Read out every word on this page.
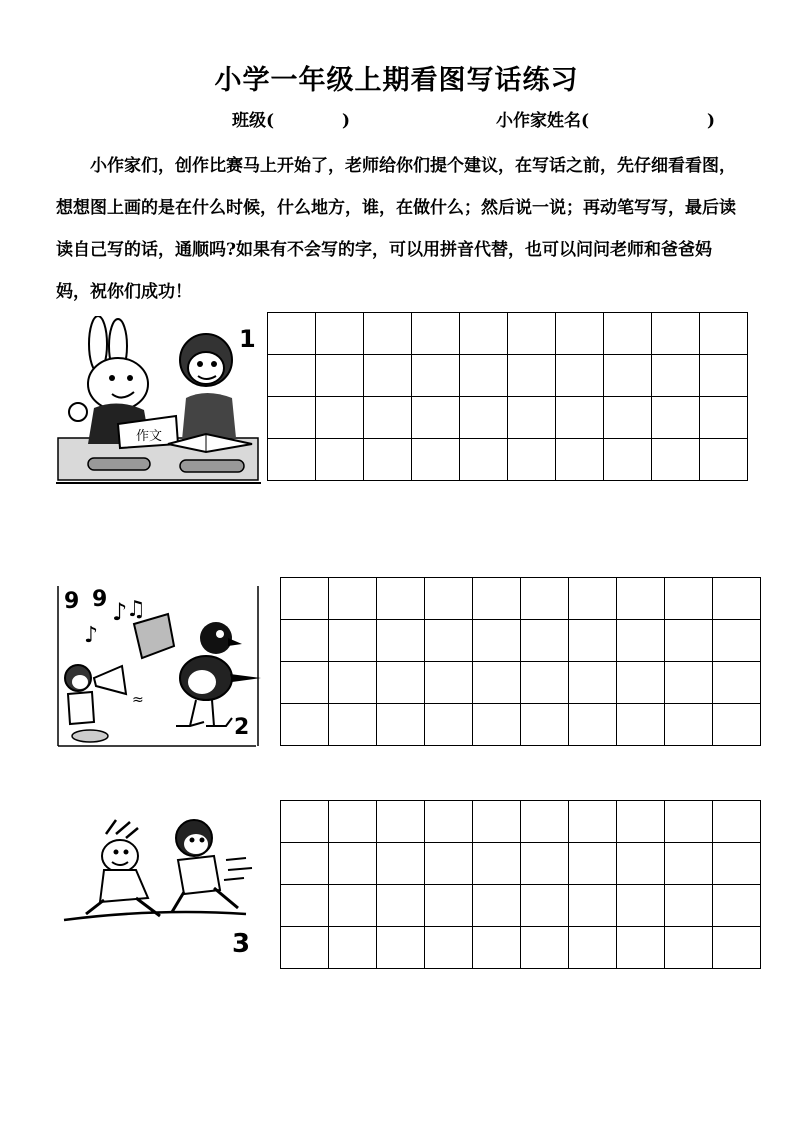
小学一年级上期看图写话练习
班级(	)	小作家姓名(	)

小作家们，创作比赛马上开始了，老师给你们提个建议，在写话之前，先仔细看看图，想想图上画的是在什么时候，什么地方，谁，在做什么；然后说一说；再动笔写写，最后读读自己写的话，通顺吗?如果有不会写的字，可以用拼音代替，也可以问问老师和爸爸妈妈，祝你们成功！

作文
1

9 9 ♪
♫
♪
≈
2

3
